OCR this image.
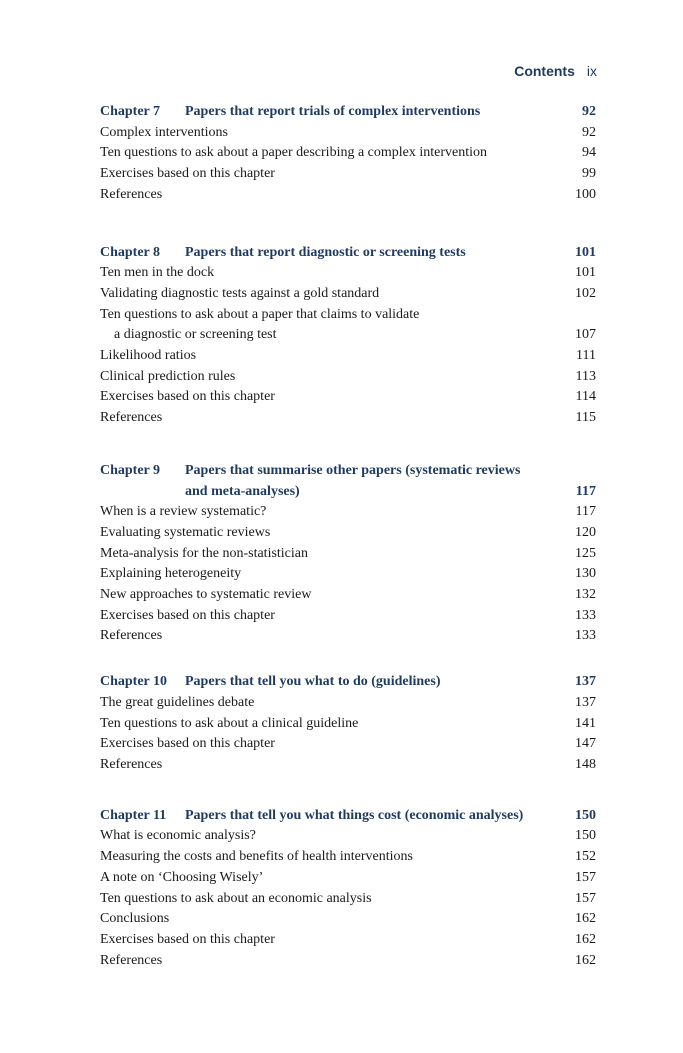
Contents ix
Chapter 7 Papers that report trials of complex interventions	92
Complex interventions	92
Ten questions to ask about a paper describing a complex intervention	94
Exercises based on this chapter	99
References	100
Chapter 8 Papers that report diagnostic or screening tests	101
Ten men in the dock	101
Validating diagnostic tests against a gold standard	102
Ten questions to ask about a paper that claims to validate
a diagnostic or screening test	107
Likelihood ratios	111
Clinical prediction rules	113
Exercises based on this chapter	114
References	115
Chapter 9 Papers that summarise other papers (systematic reviews
and meta-analyses)	117
When is a review systematic?	117
Evaluating systematic reviews	120
Meta-analysis for the non-statistician	125
Explaining heterogeneity	130
New approaches to systematic review	132
Exercises based on this chapter	133
References	133
Chapter 10 Papers that tell you what to do (guidelines)	137
The great guidelines debate	137
Ten questions to ask about a clinical guideline	141
Exercises based on this chapter	147
References	148
Chapter 11 Papers that tell you what things cost (economic analyses)	150
What is economic analysis?	150
Measuring the costs and benefits of health interventions	152
A note on ‘Choosing Wisely’	157
Ten questions to ask about an economic analysis	157
Conclusions	162
Exercises based on this chapter	162
References	162
